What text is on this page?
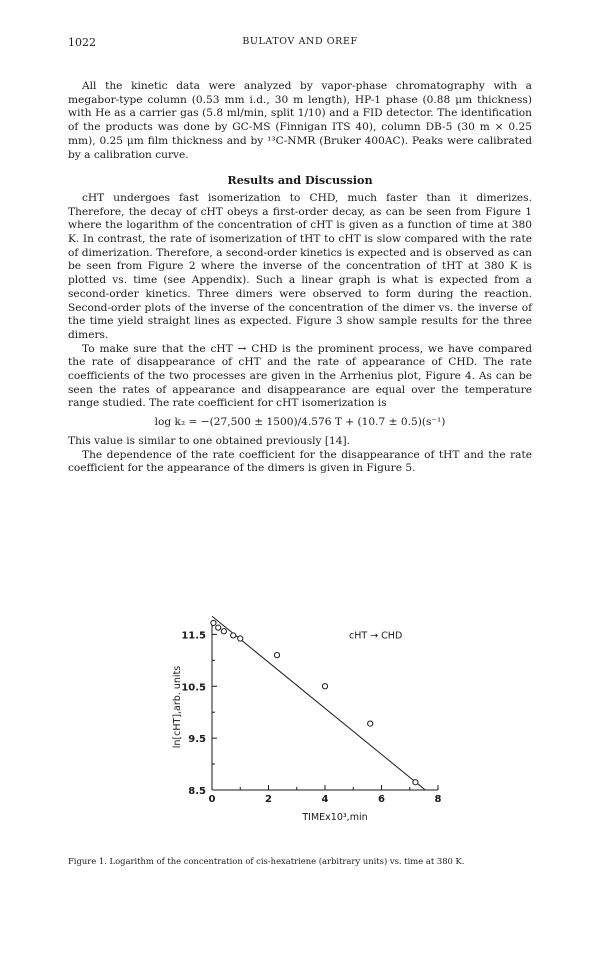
1022	BULATOV AND OREF

All the kinetic data were analyzed by vapor-phase chromatography with a megabor-type column (0.53 mm i.d., 30 m length), HP-1 phase (0.88 μm thickness) with He as a carrier gas (5.8 ml/min, split 1/10) and a FID detector. The identification of the products was done by GC-MS (Finnigan ITS 40), column DB-5 (30 m × 0.25 mm), 0.25 μm film thickness and by ¹³C-NMR (Bruker 400AC). Peaks were calibrated by a calibration curve.

Results and Discussion

cHT undergoes fast isomerization to CHD, much faster than it dimerizes. Therefore, the decay of cHT obeys a first-order decay, as can be seen from Figure 1 where the logarithm of the concentration of cHT is given as a function of time at 380 K. In contrast, the rate of isomerization of tHT to cHT is slow compared with the rate of dimerization. Therefore, a second-order kinetics is expected and is observed as can be seen from Figure 2 where the inverse of the concentration of tHT at 380 K is plotted vs. time (see Appendix). Such a linear graph is what is expected from a second-order kinetics. Three dimers were observed to form during the reaction. Second-order plots of the inverse of the concentration of the dimer vs. the inverse of the time yield straight lines as expected. Figure 3 show sample results for the three dimers.

To make sure that the cHT → CHD is the prominent process, we have compared the rate of disappearance of cHT and the rate of appearance of CHD. The rate coefficients of the two processes are given in the Arrhenius plot, Figure 4. As can be seen the rates of appearance and disappearance are equal over the temperature range studied. The rate coefficient for cHT isomerization is

log k₂ = −(27,500 ± 1500)/4.576 T + (10.7 ± 0.5)(s⁻¹)

This value is similar to one obtained previously [14].

The dependence of the rate coefficient for the disappearance of tHT and the rate coefficient for the appearance of the dimers is given in Figure 5.

0	2	4	6	8
8.5
9.5
10.5
11.5	cHT → CHD
TIMEx10³,min
ln[cHT],arb. units
Figure 1. Logarithm of the concentration of cis-hexatriene (arbitrary units) vs. time at 380 K.
